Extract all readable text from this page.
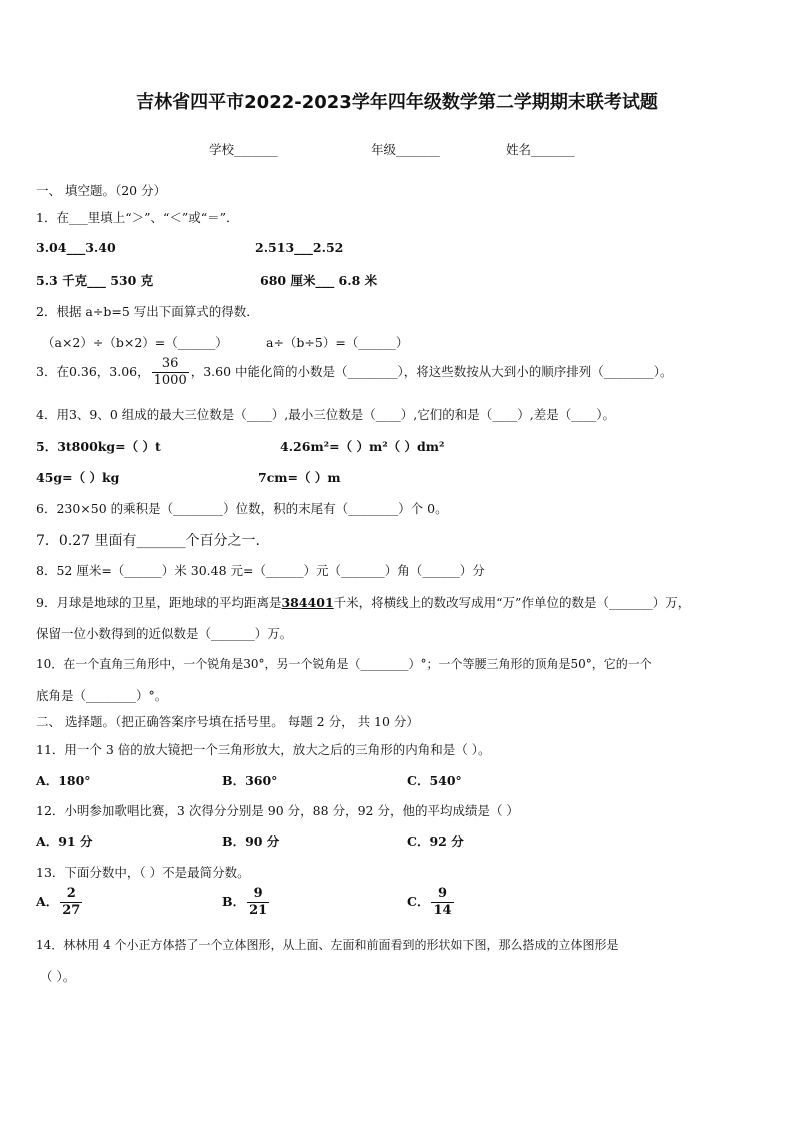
吉林省四平市2022-2023学年四年级数学第二学期期末联考试题
学校_______	年级_______	姓名_______
一、 填空题。（20 分）
1．在___里填上“＞”、“＜”或“＝”．
3.04___3.40	2.513___2.52
5.3 千克___ 530 克	680 厘米___ 6.8 米
2．根据 a÷b=5 写出下面算式的得数．
（a×2）÷（b×2）=（______）	a÷（b÷5）=（______）
3．在0.36，3.06， $\frac{36}{1000}$ ，3.60 中能化简的小数是（________），将这些数按从大到小的顺序排列（________）。
4．用3、9、0 组成的最大三位数是（____）,最小三位数是（____）,它们的和是（____）,差是（____）。
5．3t800kg=（ ）t	4.26m²=（ ）m²（ ）dm²
45g=（ ）kg	7cm=（ ）m
6．230×50 的乘积是（________）位数，积的末尾有（________）个 0。
7．0.27 里面有_______个百分之一.
8．52 厘米=（______）米 30.48 元=（______）元（_______）角（______）分
9．月球是地球的卫星，距地球的平均距离是384401千米，将横线上的数改写成用“万”作单位的数是（_______）万，
保留一位小数得到的近似数是（_______）万。
10．在一个直角三角形中，一个锐角是30°，另一个锐角是（________）°；一个等腰三角形的顶角是50°，它的一个
底角是（________）°。
二、 选择题。（把正确答案序号填在括号里。 每题 2 分， 共 10 分）
11．用一个 3 倍的放大镜把一个三角形放大，放大之后的三角形的内角和是（ ）。
A．180°	B．360°	C．540°
12．小明参加歌唱比赛，3 次得分分别是 90 分，88 分，92 分，他的平均成绩是（ ）
A．91 分	B．90 分	C．92 分
13．下面分数中，（ ）不是最简分数。
A． $\frac{2}{27}$	B． $\frac{9}{21}$	C． $\frac{9}{14}$
14．林林用 4 个小正方体搭了一个立体图形，从上面、左面和前面看到的形状如下图，那么搭成的立体图形是
（ ）。
